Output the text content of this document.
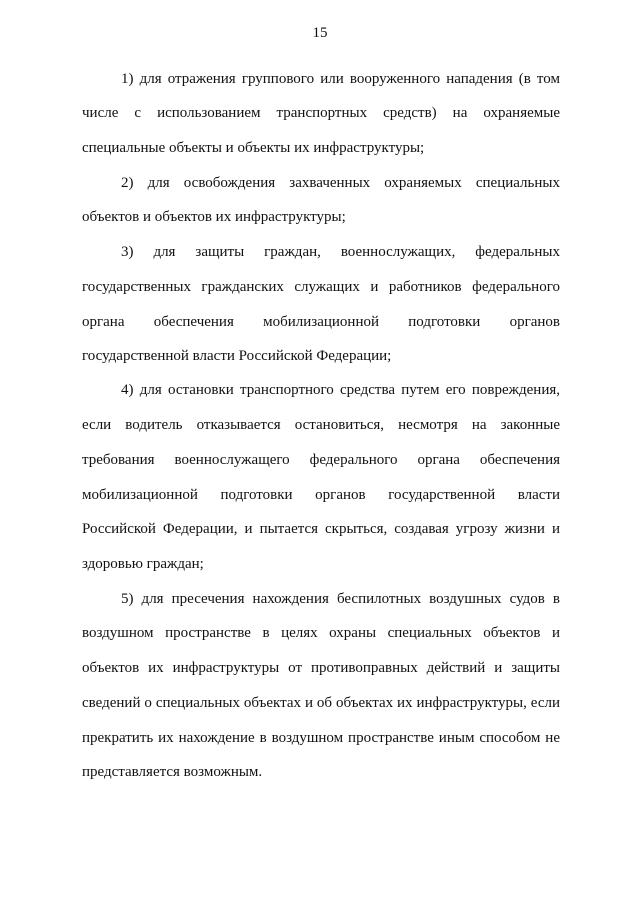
15
1) для отражения группового или вооруженного нападения (в том
числе с использованием транспортных средств) на охраняемые
специальные объекты и объекты их инфраструктуры;
2) для освобождения захваченных охраняемых специальных
объектов и объектов их инфраструктуры;
3) для защиты граждан, военнослужащих, федеральных
государственных гражданских служащих и работников федерального
органа обеспечения мобилизационной подготовки органов
государственной власти Российской Федерации;
4) для остановки транспортного средства путем его повреждения,
если водитель отказывается остановиться, несмотря на законные
требования военнослужащего федерального органа обеспечения
мобилизационной подготовки органов государственной власти
Российской Федерации, и пытается скрыться, создавая угрозу жизни и
здоровью граждан;
5) для пресечения нахождения беспилотных воздушных судов в
воздушном пространстве в целях охраны специальных объектов и
объектов их инфраструктуры от противоправных действий и защиты
сведений о специальных объектах и об объектах их инфраструктуры, если
прекратить их нахождение в воздушном пространстве иным способом не
представляется возможным.
